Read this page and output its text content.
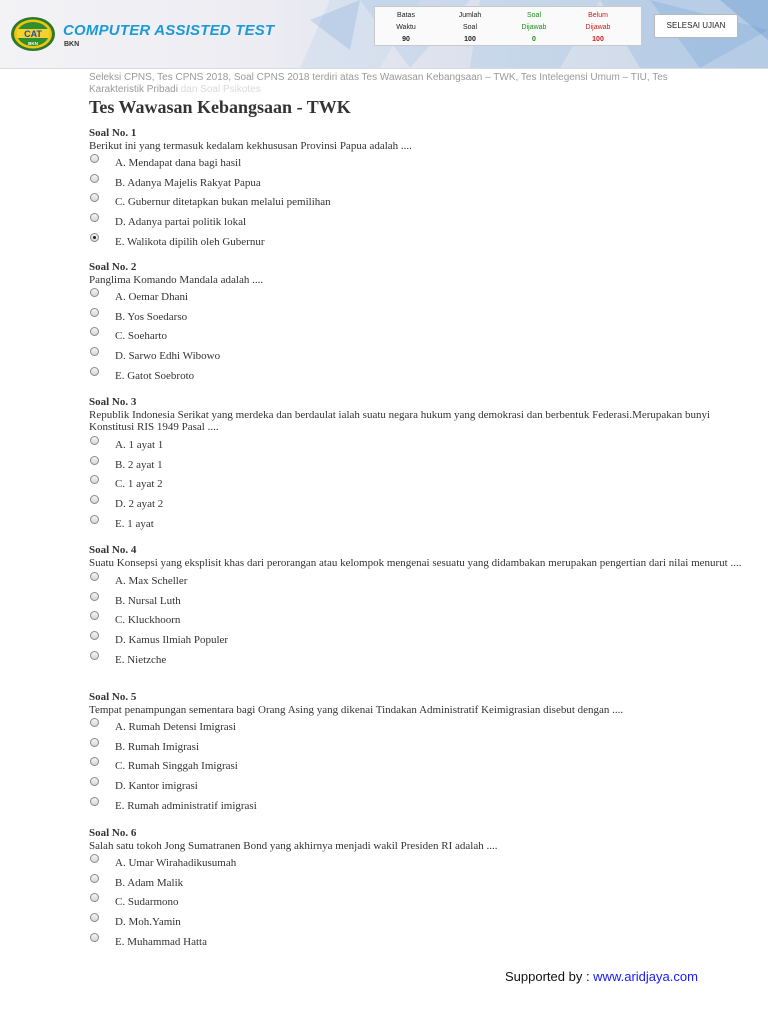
CAT
BKN
COMPUTER ASSISTED TEST
BKN
Batas
Waktu
90
Jumlah
Soal
100
Soal
Dijawab
0
Belum
Dijawab
100
SELESAI UJIAN
Seleksi CPNS, Tes CPNS 2018, Soal CPNS 2018 terdiri atas Tes Wawasan Kebangsaan – TWK, Tes Intelegensi Umum – TIU, Tes
Karakteristik Pribadi dan Soal Psikotes
Tes Wawasan Kebangsaan - TWK
Soal No. 1
Berikut ini yang termasuk kedalam kekhususan Provinsi Papua adalah ....
A. Mendapat dana bagi hasil
B. Adanya Majelis Rakyat Papua
C. Gubernur ditetapkan bukan melalui pemilihan
D. Adanya partai politik lokal
E. Walikota dipilih oleh Gubernur
Soal No. 2
Panglima Komando Mandala adalah ....
A. Oemar Dhani
B. Yos Soedarso
C. Soeharto
D. Sarwo Edhi Wibowo
E. Gatot Soebroto
Soal No. 3
Republik Indonesia Serikat yang merdeka dan berdaulat ialah suatu negara hukum yang demokrasi dan berbentuk Federasi.Merupakan bunyi Konstitusi RIS 1949 Pasal ....
A. 1 ayat 1
B. 2 ayat 1
C. 1 ayat 2
D. 2 ayat 2
E. 1 ayat
Soal No. 4
Suatu Konsepsi yang eksplisit khas dari perorangan atau kelompok mengenai sesuatu yang didambakan merupakan pengertian dari nilai menurut ....
A. Max Scheller
B. Nursal Luth
C. Kluckhoorn
D. Kamus Ilmiah Populer
E. Nietzche
Soal No. 5
Tempat penampungan sementara bagi Orang Asing yang dikenai Tindakan Administratif Keimigrasian disebut dengan ....
A. Rumah Detensi Imigrasi
B. Rumah Imigrasi
C. Rumah Singgah Imigrasi
D. Kantor imigrasi
E. Rumah administratif imigrasi
Soal No. 6
Salah satu tokoh Jong Sumatranen Bond yang akhirnya menjadi wakil Presiden RI adalah ....
A. Umar Wirahadikusumah
B. Adam Malik
C. Sudarmono
D. Moh.Yamin
E. Muhammad Hatta
Supported by : www.aridjaya.com
